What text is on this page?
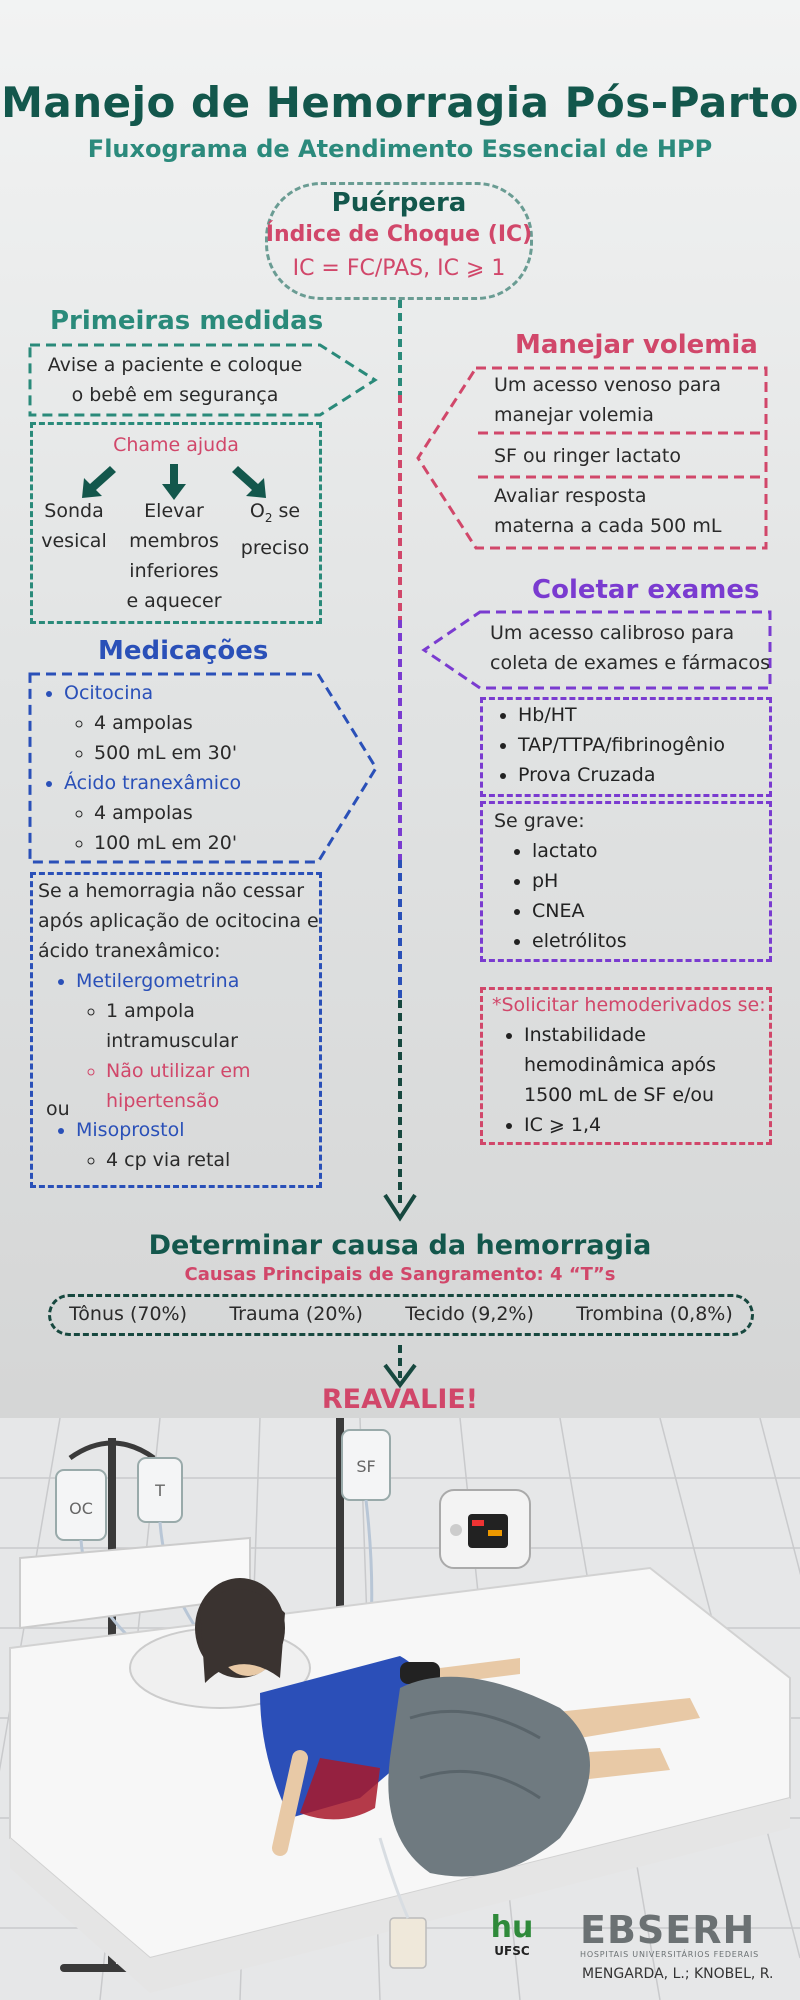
Manejo de Hemorragia Pós-Parto
Fluxograma de Atendimento Essencial de HPP
Puérpera
Índice de Choque (IC)
IC = FC/PAS, IC ⩾ 1
Primeiras medidas
Avise a paciente e coloque
o bebê em segurança
Chame ajuda
Sonda
vesical
Elevar
membros
inferiores
e aquecer
$O_2$ se
preciso
Medicações
• Ocitocina
◦ 4 ampolas
◦ 500 mL em 30'
• Ácido tranexâmico
◦ 4 ampolas
◦ 100 mL em 20'
Se a hemorragia não cessar
após aplicação de ocitocina e
ácido tranexâmico:
• Metilergometrina
◦ 1 ampola
intramuscular
◦ Não utilizar em
hipertensão
ou
• Misoprostol
◦ 4 cp via retal
Manejar volemia
Um acesso venoso para
manejar volemia
SF ou ringer lactato
Avaliar resposta
materna a cada 500 mL
Coletar exames
Um acesso calibroso para
coleta de exames e fármacos
• Hb/HT
• TAP/TTPA/fibrinogênio
• Prova Cruzada
Se grave:
• lactato
• pH
• CNEA
• eletrólitos
*Solicitar hemoderivados se:
• Instabilidade
hemodinâmica após
1500 mL de SF e/ou
• IC ⩾ 1,4
Determinar causa da hemorragia
Causas Principais de Sangramento: 4 “T”s
Tônus (70%) Trauma (20%) Tecido (9,2%) Trombina (0,8%)
REAVALIE!
OC
T
SF
hu
UFSC	EBSERH
HOSPITAIS UNIVERSITÁRIOS FEDERAIS
MENGARDA, L.; KNOBEL, R.
